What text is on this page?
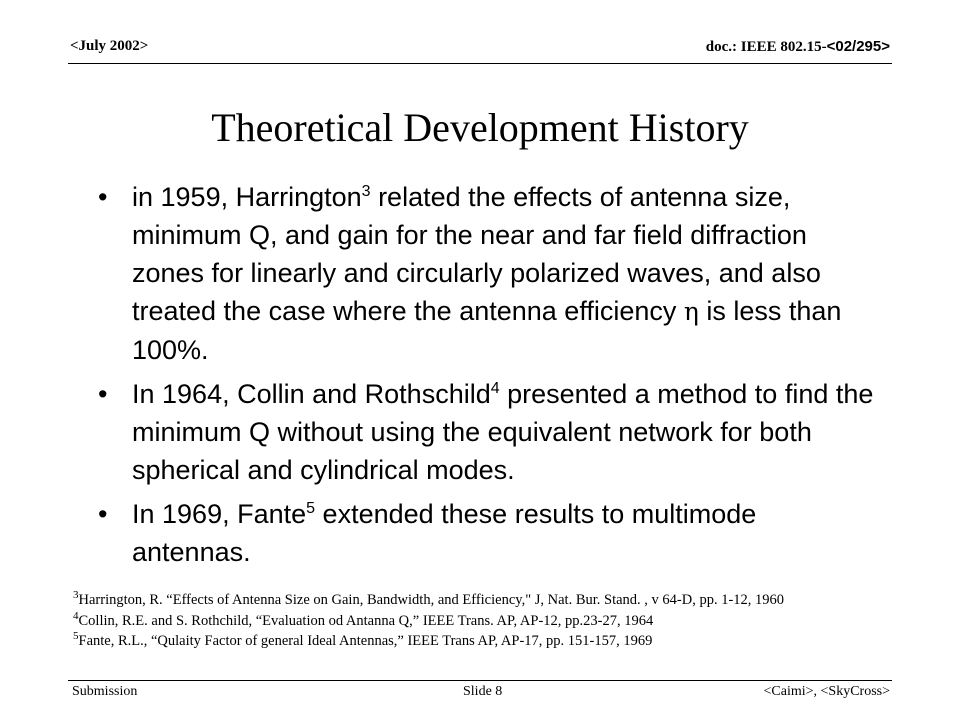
<July 2002>	doc.: IEEE 802.15-<02/295>
Theoretical Development History
• in 1959, Harrington$^3$ related the effects of antenna size, minimum Q, and gain for the near and far field diffraction zones for linearly and circularly polarized waves, and also treated the case where the antenna efficiency η is less than 100%.
• In 1964, Collin and Rothschild$^4$ presented a method to find the minimum Q without using the equivalent network for both spherical and cylindrical modes.
• In 1969, Fante$^5$ extended these results to multimode antennas.
$^3$Harrington, R. “Effects of Antenna Size on Gain, Bandwidth, and Efficiency," J, Nat. Bur. Stand. , v 64-D, pp. 1-12, 1960
$^4$Collin, R.E. and S. Rothchild, “Evaluation od Antanna Q,” IEEE Trans. AP, AP-12, pp.23-27, 1964
$^5$Fante, R.L., “Qulaity Factor of general Ideal Antennas,” IEEE Trans AP, AP-17, pp. 151-157, 1969
Submission	Slide 8	<Caimi>, <SkyCross>
